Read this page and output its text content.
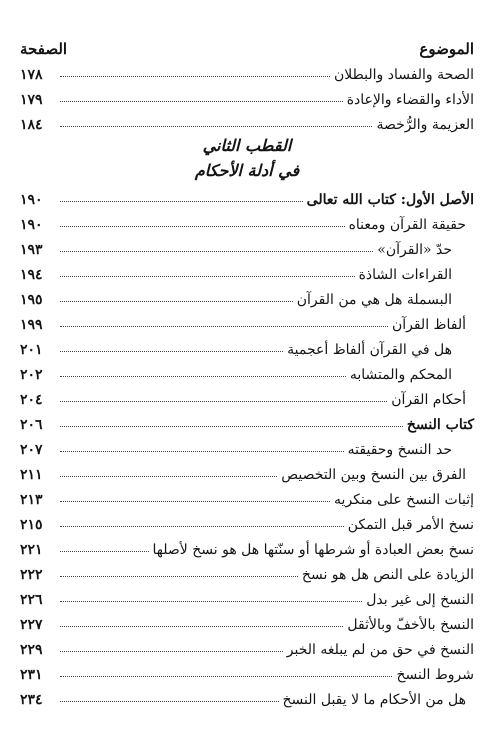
الموضوع
الصفحة
الصحة والفساد والبطلان
١٧٨
الأداء والقضاء والإعادة
١٧٩
العزيمة والرُّخصة
١٨٤
القطب الثاني
في أدلة الأحكام
الأصل الأول: كتاب الله تعالى
١٩٠
حقيقة القرآن ومعناه
١٩٠
حدّ «القرآن»
١٩٣
القراءات الشاذة
١٩٤
البسملة هل هي من القرآن
١٩٥
ألفاظ القرآن
١٩٩
هل في القرآن ألفاظ أعجمية
٢٠١
المحكم والمتشابه
٢٠٢
أحكام القرآن
٢٠٤
كتاب النسخ
٢٠٦
حد النسخ وحقيقته
٢٠٧
الفرق بين النسخ وبين التخصيص
٢١١
إثبات النسخ على منكريه
٢١٣
نسخ الأمر قبل التمكن
٢١٥
نسخ بعض العبادة أو شرطها أو سنّتها هل هو نسخ لأصلها
٢٢١
الزيادة على النص هل هو نسخ
٢٢٢
النسخ إلى غير بدل
٢٢٦
النسخ بالأخفّ وبالأثقل
٢٢٧
النسخ في حق من لم يبلغه الخبر
٢٢٩
شروط النسخ
٢٣١
هل من الأحكام ما لا يقبل النسخ
٢٣٤
